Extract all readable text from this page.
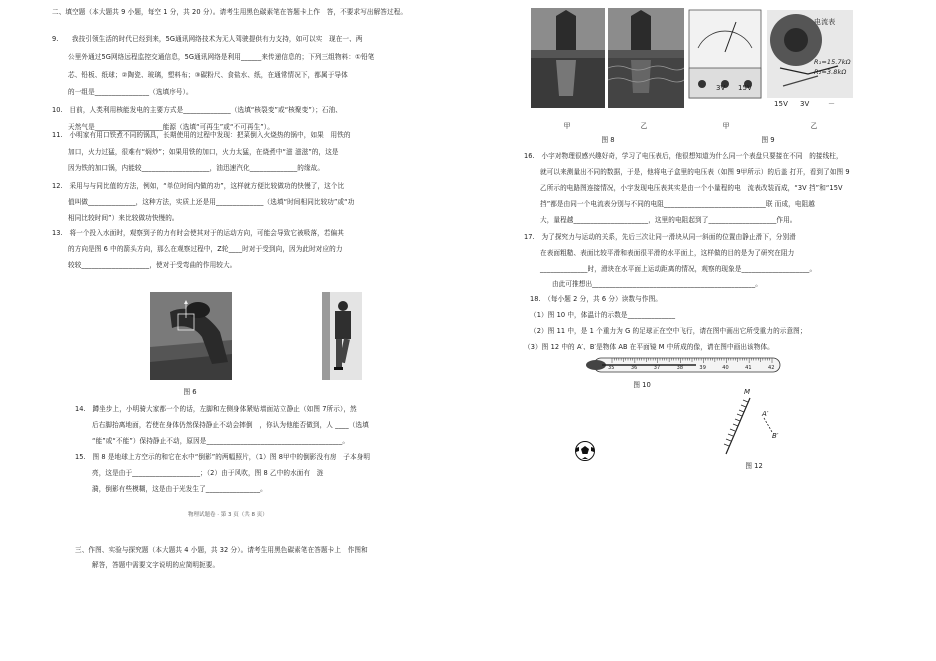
二、填空题（本大题共 9 小题，每空 1 分，共 20 分）。请考生用黑色碳素笔在答题卡上作　答，不要求写出解答过程。
9.　　我技引领生活的时代已经到来，5G通讯网络技术为无人驾驶提供有力支持，如可以实　现在一、两
公里外通过5G网络远程监控交通信息，5G通讯网络是利用______来传递信息的；下列三组物料：①铅笔
芯、铅板、纸球；②陶瓷、玻璃，塑料布；③碳粉尺、食盐水、纸，在通常情况下，都属于导体
的一组是________________（选填序号）。
10.　目前，人类利用核能发电的主要方式是______________（选填“核裂变”或“核聚变”）；石油、
天然气是____________________能源（选填“可再生”或“不可再生”）。
11.　小明家有用口铁煮不同的锅具，长期使用的过程中发现：把菜倒入火烧热的锅中，如果　用铁的
加口，火力过猛，很难有“焖炒”；如果用铁的加口，火力太猛，在烧煮中“滋 滋滋”的，这是
因为铁的加口锅，内能较____________________，油迅速汽化______________的缘故。
12.　采用与与同比值的方法，例如，“单位时间内做的功”，这样就方便比较做功的快慢了，这个比
值叫做______________，这种方法，实质上还是用______________（选填“时间相同比较功”或“功
相同比较时间”）来比较做功快慢的。
13.　将一个投入水面时，观察到子的力有时会使其对于的运动方向，可能会导致它被吸落，若偏其
的方向是图 6 中的箭头方向，那么在观察过程中，Z轮____时对于受到向，因为此时对应的力
较较____________________，使对于受弯曲的作用较大。
图 6
14.　蹲坐步上，小明骑大家都一个的话，左脚和左侧身体紧贴墙面站立静止（如图 7所示），然
后右脚抬离地面，若使在身体仍然保持静止不动会摔倒　，你认为他能否做到，人 ____（选填
“能”或“不能”）保持静止不动，原因是________________________________________。
15.　图 8 是地球上方空示的和它在水中“倒影”的两幅照片，（1）图 8甲中的倒影没有房　子本身明
亮，这是由于____________________；（2）由于风吹，图 8 乙中的水面有　涟
漪，倒影有些模糊，这是由于光发生了________________。
物理试题卷 · 第 3 页（共 8 页）
三、作图、实验与探究题（本大题共 4 小题，共 32 分）。请考生用黑色碳素笔在答题卡上　作图和
解答，答题中需要文字说明的应简明扼要。
甲	乙
图 8
3V 15V
电流表
R₁=15.7kΩ
R₂=3.8kΩ
15V 3V	－
甲	乙
图 9
16.　小宇对物理很感兴趣好奇，学习了电压表后，他很想知道为什么同一个表盘只要接在不同　的接线柱，
就可以来测量出不同的数据，于是，他将电子盒里的电压表（如图 9甲所示）的后盖 打开，看到了如图 9
乙所示的电路图连接情况，小宇发现电压表其实是由一个小量程的电　流表改装而成，“3V 挡”和“15V
挡”都是由同一个电流表分别与不同的电阻______________________________联 而成，电阻越
大，量程越______________________，这里的电阻起到了____________________作用。
17.　为了探究力与运动的关系，先后三次让同一滑块从同一斜面的位置由静止滑下，分别滑
在表面粗糙、表面比较平滑和表面很平滑的水平面上，这样做的目的是为了研究在阻力
______________时，滑块在水平面上运动距离的情况，观察的现象是____________________。
由此可推想出________________________________________________。
18.　（每小题 2 分，共 6 分）读数与作图。
（1）图 10 中，体温计的示数是______________
（2）图 11 中，是 1 个重力为 G 的足球正在空中飞行，请在图中画出它所受重力的示意图；
（3）图 12 中的 A′、B′是物体 AB 在平面镜 M 中所成的像，请在图中画出该物体。
35	36	37	38	39	40	41	42
图 10
M
A′
B′
图 12
